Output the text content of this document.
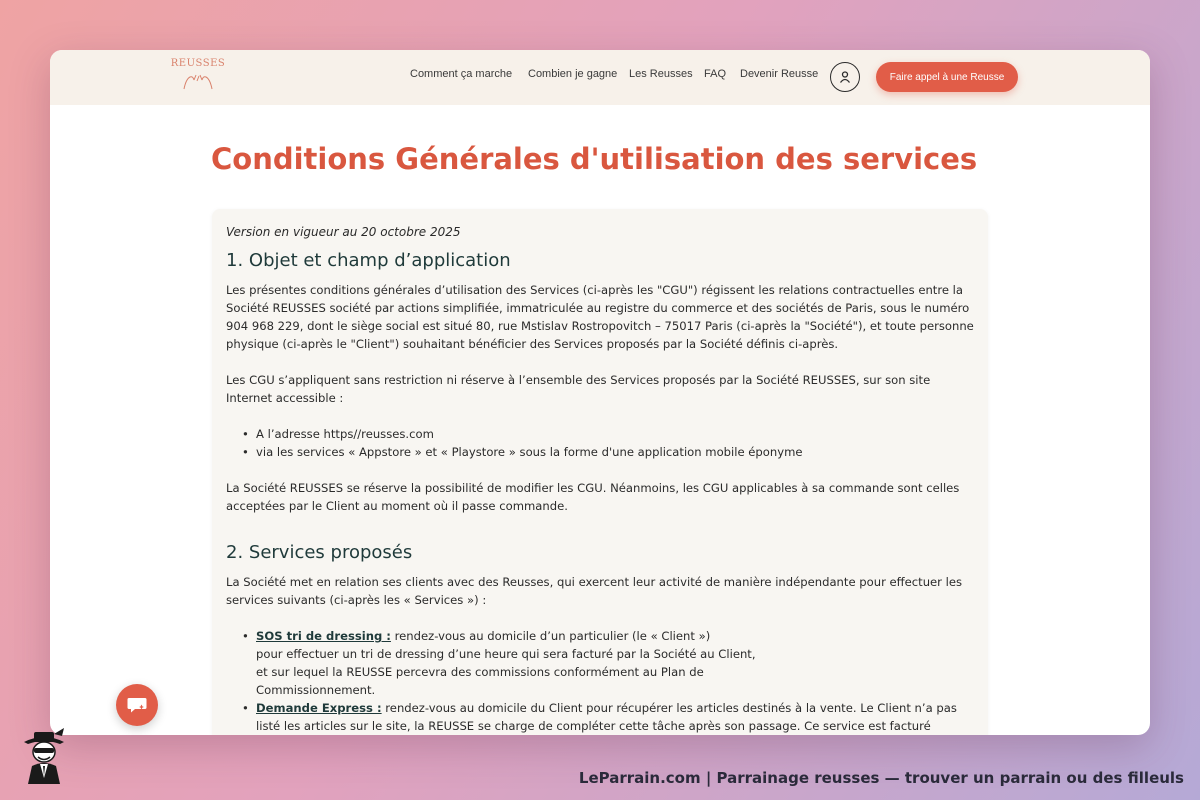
REUSSES
Comment ça marche Combien je gagne Les Reusses FAQ Devenir Reusse	Faire appel à une Reusse
Conditions Générales d'utilisation des services

Version en vigueur au 20 octobre 2025

1. Objet et champ d’application

Les présentes conditions générales d’utilisation des Services (ci-après les "CGU") régissent les relations contractuelles entre la Société REUSSES société par actions simplifiée, immatriculée au registre du commerce et des sociétés de Paris, sous le numéro 904 968 229, dont le siège social est situé 80, rue Mstislav Rostropovitch – 75017 Paris (ci-après la "Société"), et toute personne physique (ci-après le "Client") souhaitant bénéficier des Services proposés par la Société définis ci-après.

Les CGU s’appliquent sans restriction ni réserve à l’ensemble des Services proposés par la Société REUSSES, sur son site Internet accessible :

• A l’adresse https//reusses.com
• via les services « Appstore » et « Playstore » sous la forme d'une application mobile éponyme

La Société REUSSES se réserve la possibilité de modifier les CGU. Néanmoins, les CGU applicables à sa commande sont celles acceptées par le Client au moment où il passe commande.

2. Services proposés

La Société met en relation ses clients avec des Reusses, qui exercent leur activité de manière indépendante pour effectuer les services suivants (ci-après les « Services ») :

• SOS tri de dressing : rendez-vous au domicile d’un particulier (le « Client »)
pour effectuer un tri de dressing d’une heure qui sera facturé par la Société au Client,
et sur lequel la REUSSE percevra des commissions conformément au Plan de
Commissionnement.
• Demande Express : rendez-vous au domicile du Client pour récupérer les articles destinés à la vente. Le Client n’a pas listé les articles sur le site, la REUSSE se charge de compléter cette tâche après son passage. Ce service est facturé
LeParrain.com | Parrainage reusses — trouver un parrain ou des filleuls
